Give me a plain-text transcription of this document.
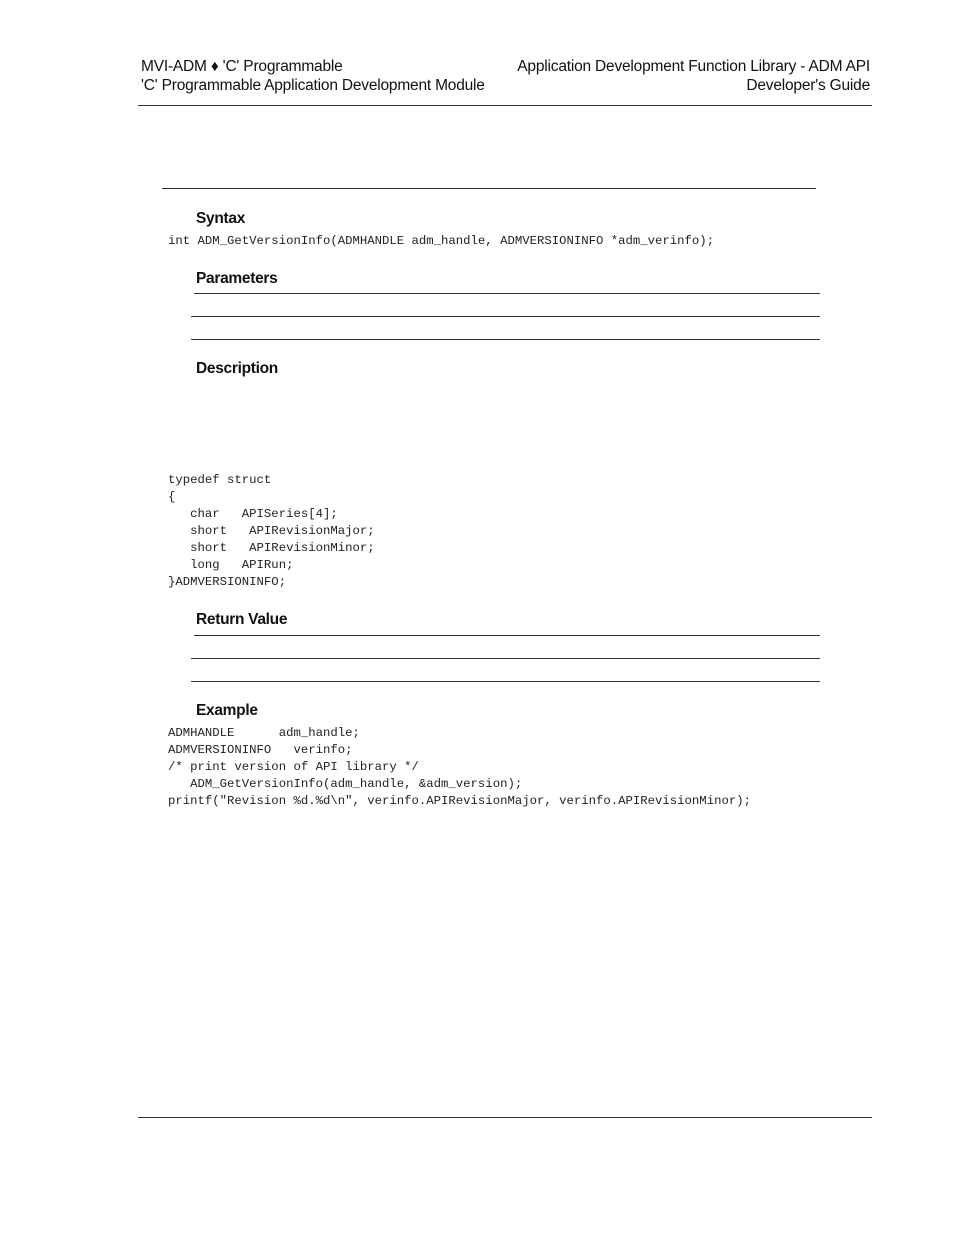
MVI-ADM ♦ 'C' Programmable
'C' Programmable Application Development Module
Application Development Function Library - ADM API
Developer's Guide
Syntax
int ADM_GetVersionInfo(ADMHANDLE adm_handle, ADMVERSIONINFO *adm_verinfo);
Parameters
Description
typedef struct
{
char   APISeries[4];
short   APIRevisionMajor;
short   APIRevisionMinor;
long   APIRun;
}ADMVERSIONINFO;
Return Value
Example
ADMHANDLE      adm_handle;
ADMVERSIONINFO   verinfo;
/* print version of API library */
ADM_GetVersionInfo(adm_handle, &adm_version);
printf("Revision %d.%d\n", verinfo.APIRevisionMajor, verinfo.APIRevisionMinor);
